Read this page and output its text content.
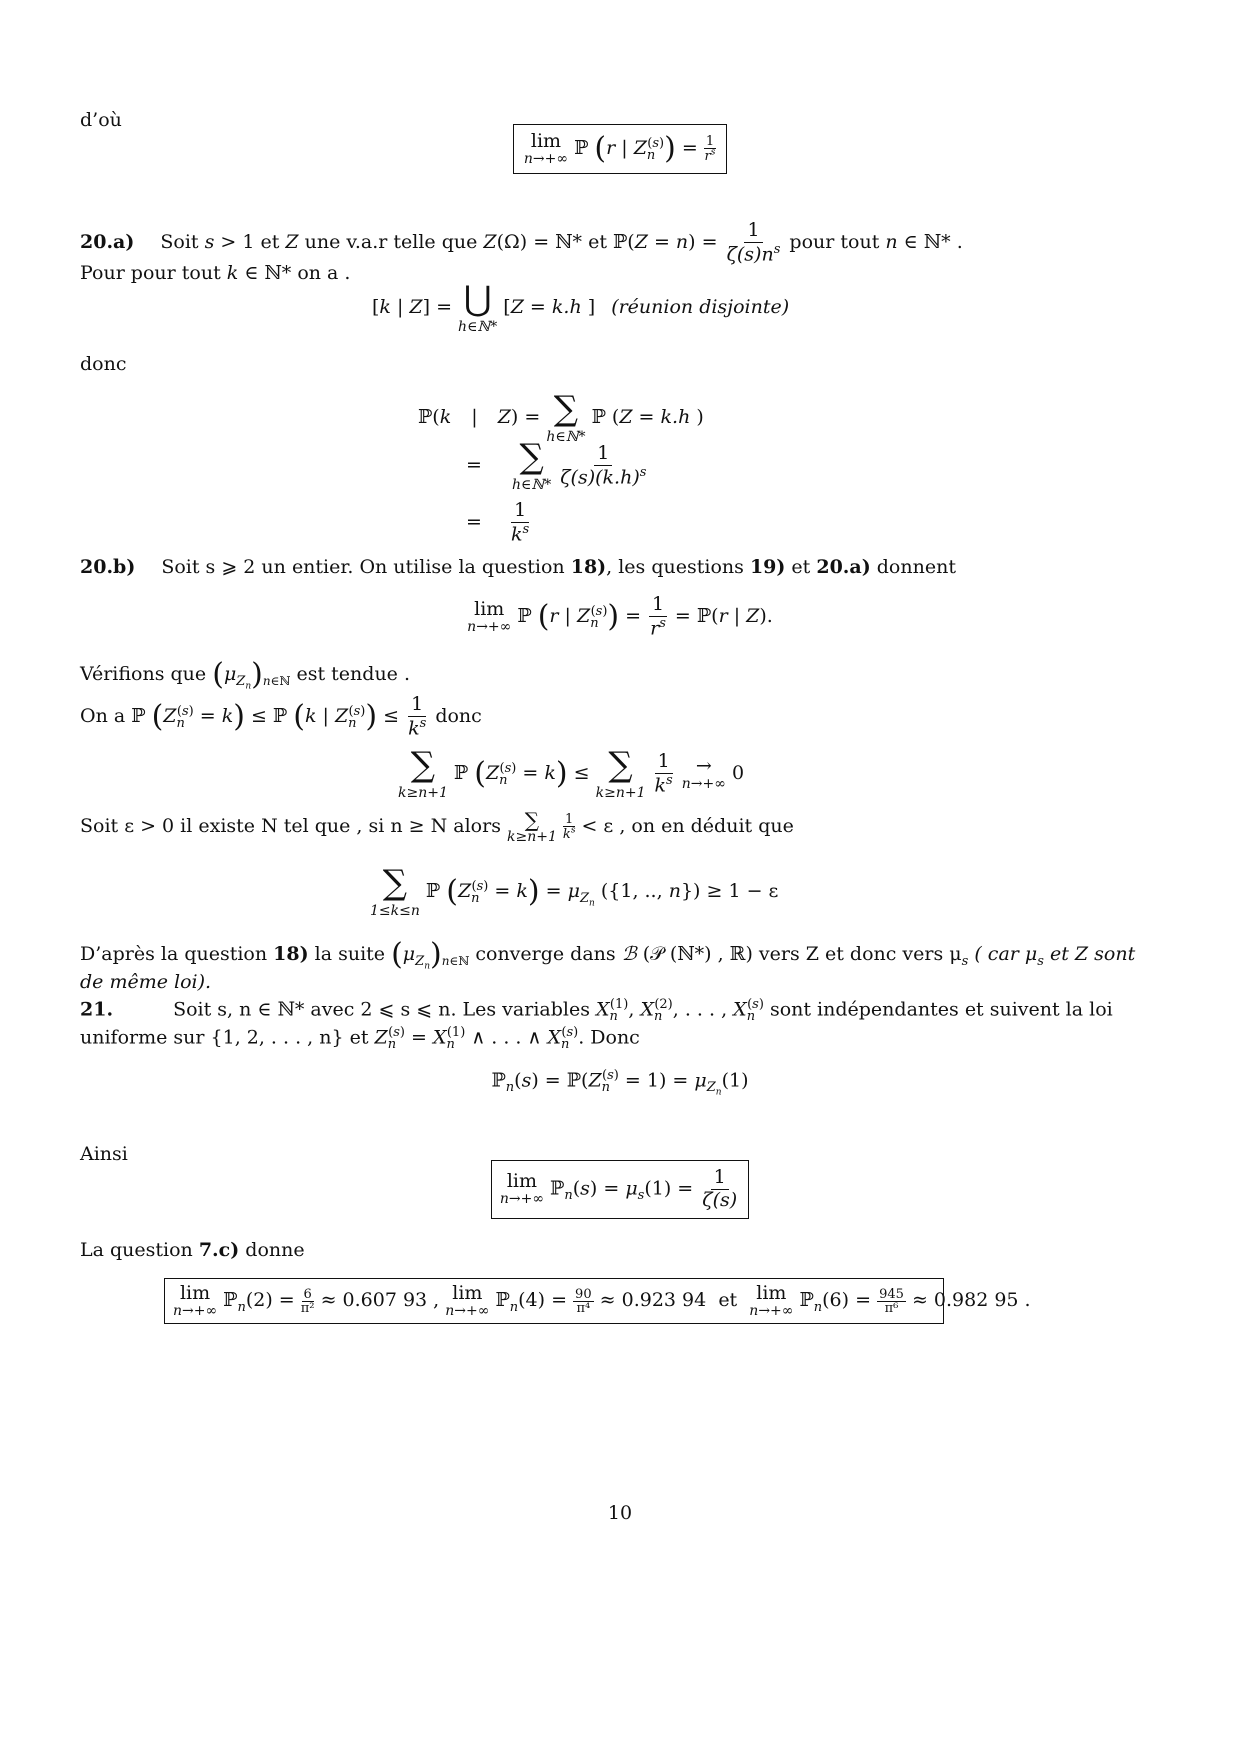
d’où
lim
n→+∞ ℙ (r | $Z_n^{(s)}) = \frac{1}{r^s}$
20.a) Soit s > 1 et Z une v.a.r telle que Z(Ω) = ℕ* et ℙ(Z = $n) = \frac{1}{\zeta(s)n^s}$ pour tout n ∈ ℕ* .
Pour pour tout k ∈ ℕ* on a .
[k | Z] = ⋃
h∈ℕ*
[Z = k.h ] (réunion disjointe)
donc
ℙ(k | Z) = ∑
h∈ℕ*
ℙ (Z = k.h )
= ∑
h∈ℕ*
$\frac{1}{\zeta(s)(k.h)^s}$
= $\frac{1}{k^s}$
20.b) Soit s ⩾ 2 un entier. On utilise la question 18), les questions 19) et 20.a) donnent
lim
n→+∞ ℙ (r | $Z_n^{(s)}) = \frac{1}{r^s}$ = ℙ(r | Z).
Vérifions que $(\mu_{Z_n})_{n\in ℕ}$ est tendue .
On a ℙ $(Z_n^{(s)} = k)$ ≤ ℙ (k | $Z_n^{(s)}) \le \frac{1}{k^s}$ donc
∑
k≥n+1
ℙ $(Z_n^{(s)} = k)$ ≤ ∑
k≥n+1
$\frac{1}{k^s}$
→
n→+∞ 0
Soit ε > 0 il existe N tel que , si n ≥ N alors ∑
k≥n+1
$\frac{1}{k^s} < \varepsilon$ , on en déduit que
∑
1≤k≤n
ℙ $(Z_n^{(s)} = k) = \mu_{Z_n}$ ({1, .., n}) ≥ 1 − ε
D’après la question 18) la suite $(\mu_{Z_n})_{n\in ℕ}$ converge dans ℬ (𝒫 (ℕ*) , ℝ) vers Z et donc vers $\mu_s$ ( car $\mu_s$ et Z sont
de même loi).
21.	Soit s, n ∈ ℕ* avec 2 ⩽ s ⩽ n. Les variables $X_n^{(1)}$, $X_n^{(2)}$, . . . , $X_n^{(s)}$ sont indépendantes et suivent la loi
uniforme sur {1, 2, . . . , n} et $Z_n^{(s)} = X_n^{(1)}$ ∧ . . . ∧ $X_n^{(s)}$. Donc
ℙ$_n$(s) = $ℙ(Z_n^{(s)} = 1) = \mu_{Z_n}(1)$
Ainsi
lim
n→+∞ ℙ$_n$(s) = $\mu_s(1) = \frac{1}{\zeta(s)}$
La question 7.c) donne
lim
n→+∞ ℙ$_n$(2) = $\frac{6}{\text{π²}} \approx 0.607$ 93 , lim
n→+∞ ℙ$_n$(4) = $\frac{90}{\text{π⁴}} \approx 0.923$ 94 et lim
n→+∞ ℙ$_n$(6) = $\frac{945}{\text{π⁶}} \approx 0.982$ 95 .
10
